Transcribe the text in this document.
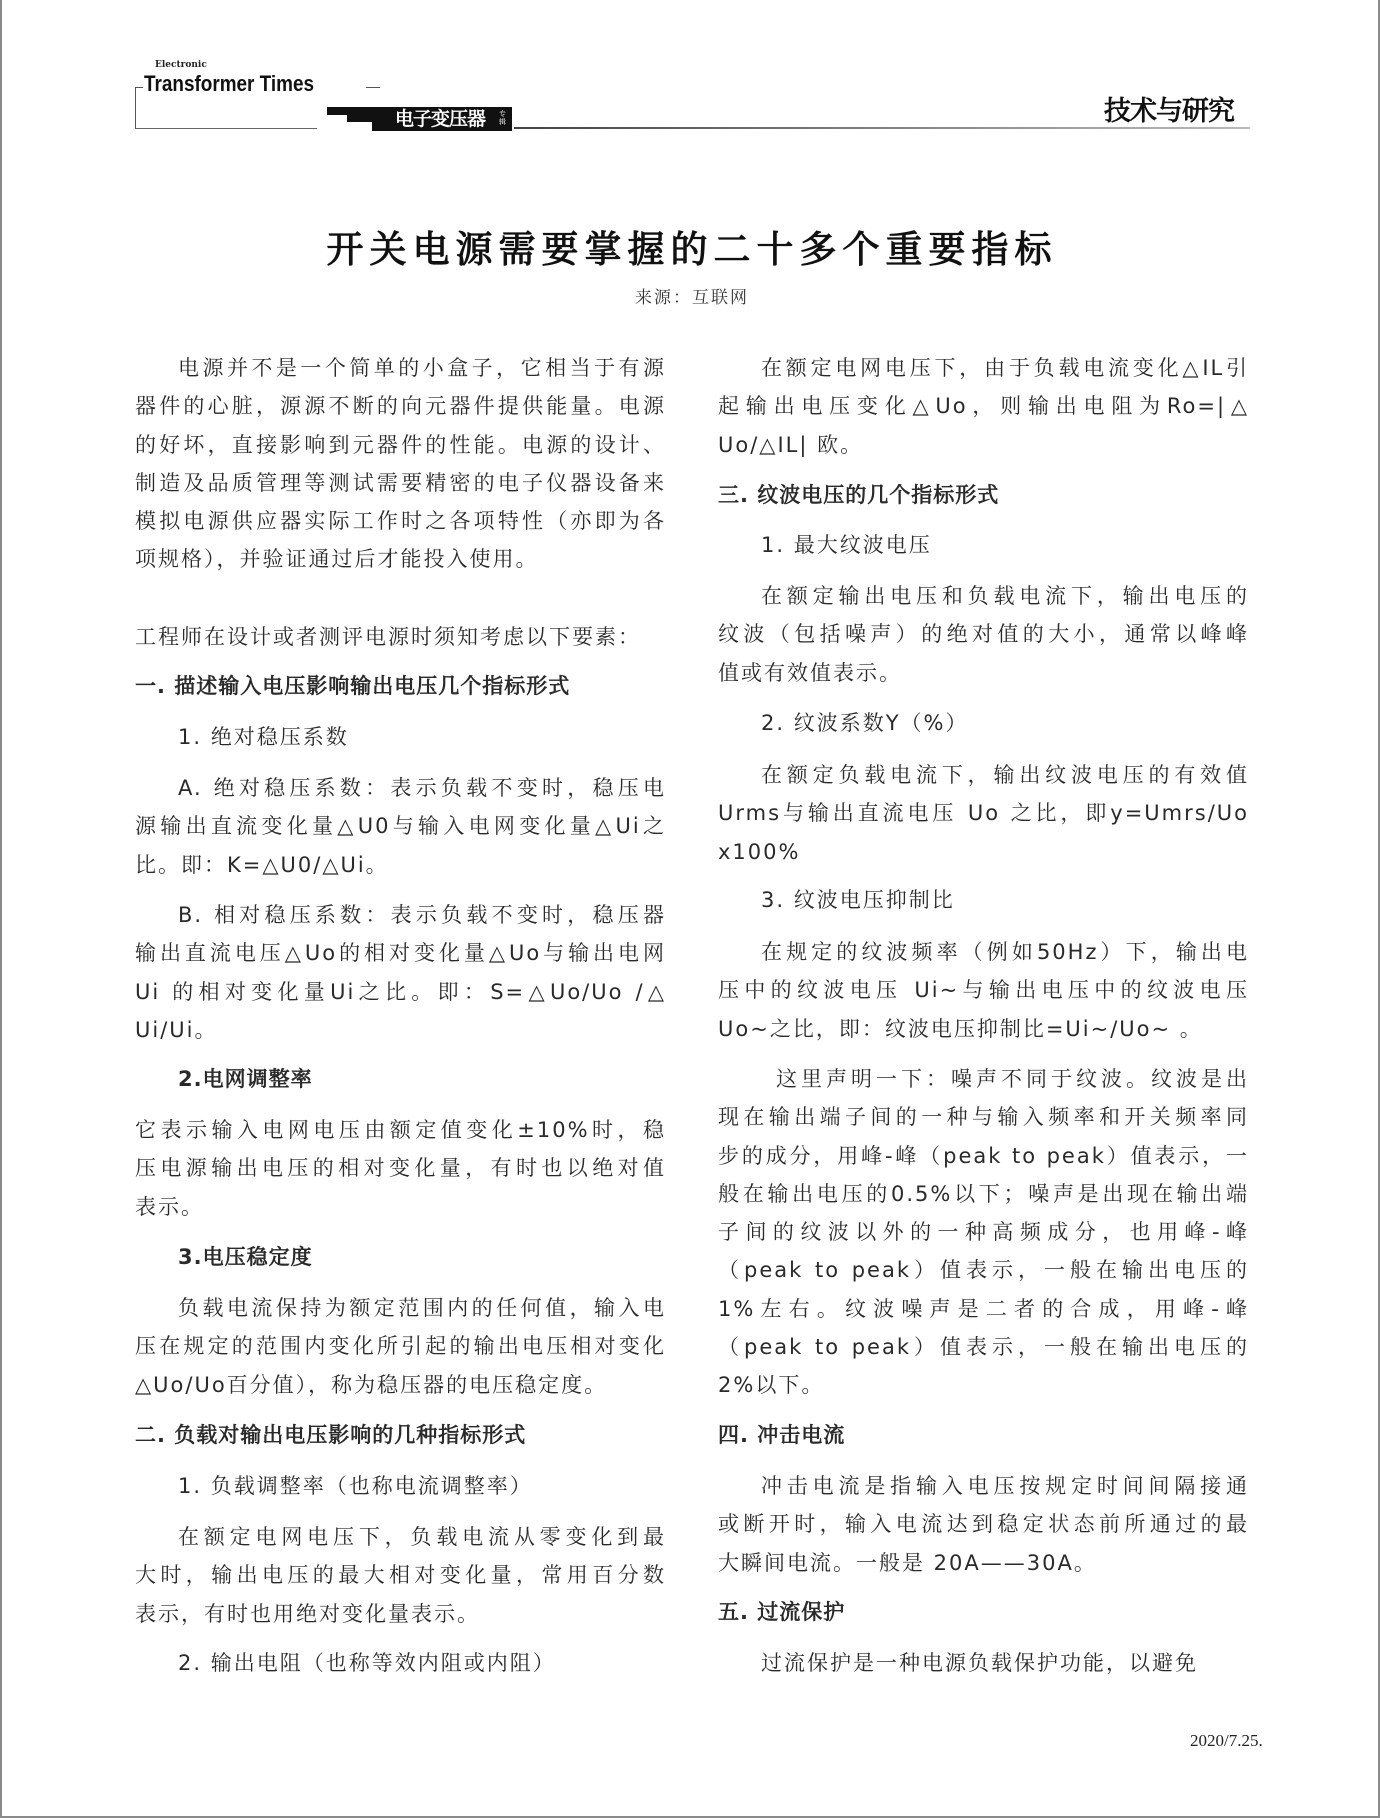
Electronic
Transformer Times
电子变压器 专辑	技术与研究
开关电源需要掌握的二十多个重要指标
来源：互联网
电源并不是一个简单的小盒子，它相当于有源
器件的心脏，源源不断的向元器件提供能量。电源
的好坏，直接影响到元器件的性能。电源的设计、
制造及品质管理等测试需要精密的电子仪器设备来
模拟电源供应器实际工作时之各项特性（亦即为各
项规格），并验证通过后才能投入使用。
工程师在设计或者测评电源时须知考虑以下要素：
一. 描述输入电压影响输出电压几个指标形式
1. 绝对稳压系数
A. 绝对稳压系数：表示负载不变时，稳压电
源输出直流变化量△U0与输入电网变化量△Ui之
比。即：K=△U0/△Ui。
B. 相对稳压系数：表示负载不变时，稳压器
输出直流电压△Uo的相对变化量△Uo与输出电网
Ui 的相对变化量Ui之比。即：S=△Uo/Uo /△
Ui/Ui。
2.电网调整率
它表示输入电网电压由额定值变化±10%时，稳
压电源输出电压的相对变化量，有时也以绝对值
表示。
3.电压稳定度
负载电流保持为额定范围内的任何值，输入电
压在规定的范围内变化所引起的输出电压相对变化
△Uo/Uo百分值），称为稳压器的电压稳定度。
二. 负载对输出电压影响的几种指标形式
1. 负载调整率（也称电流调整率）
在额定电网电压下，负载电流从零变化到最
大时，输出电压的最大相对变化量，常用百分数
表示，有时也用绝对变化量表示。
2. 输出电阻（也称等效内阻或内阻）
在额定电网电压下，由于负载电流变化△IL引
起输出电压变化△Uo，则输出电阻为Ro=|△
Uo/△IL| 欧。
三. 纹波电压的几个指标形式
1. 最大纹波电压
在额定输出电压和负载电流下，输出电压的
纹波（包括噪声）的绝对值的大小，通常以峰峰
值或有效值表示。
2. 纹波系数Y（%）
在额定负载电流下，输出纹波电压的有效值
Urms与输出直流电压 Uo 之比，即y=Umrs/Uo
x100%
3. 纹波电压抑制比
在规定的纹波频率（例如50Hz）下，输出电
压中的纹波电压 Ui~与输出电压中的纹波电压
Uo~之比，即：纹波电压抑制比=Ui~/Uo~ 。
这里声明一下：噪声不同于纹波。纹波是出
现在输出端子间的一种与输入频率和开关频率同
步的成分，用峰-峰（peak to peak）值表示，一
般在输出电压的0.5%以下；噪声是出现在输出端
子间的纹波以外的一种高频成分，也用峰-峰
（peak to peak）值表示，一般在输出电压的
1%左右。纹波噪声是二者的合成，用峰-峰
（peak to peak）值表示，一般在输出电压的
2%以下。
四. 冲击电流
冲击电流是指输入电压按规定时间间隔接通
或断开时，输入电流达到稳定状态前所通过的最
大瞬间电流。一般是 20A——30A。
五. 过流保护
过流保护是一种电源负载保护功能，以避免
2020/7.25.
